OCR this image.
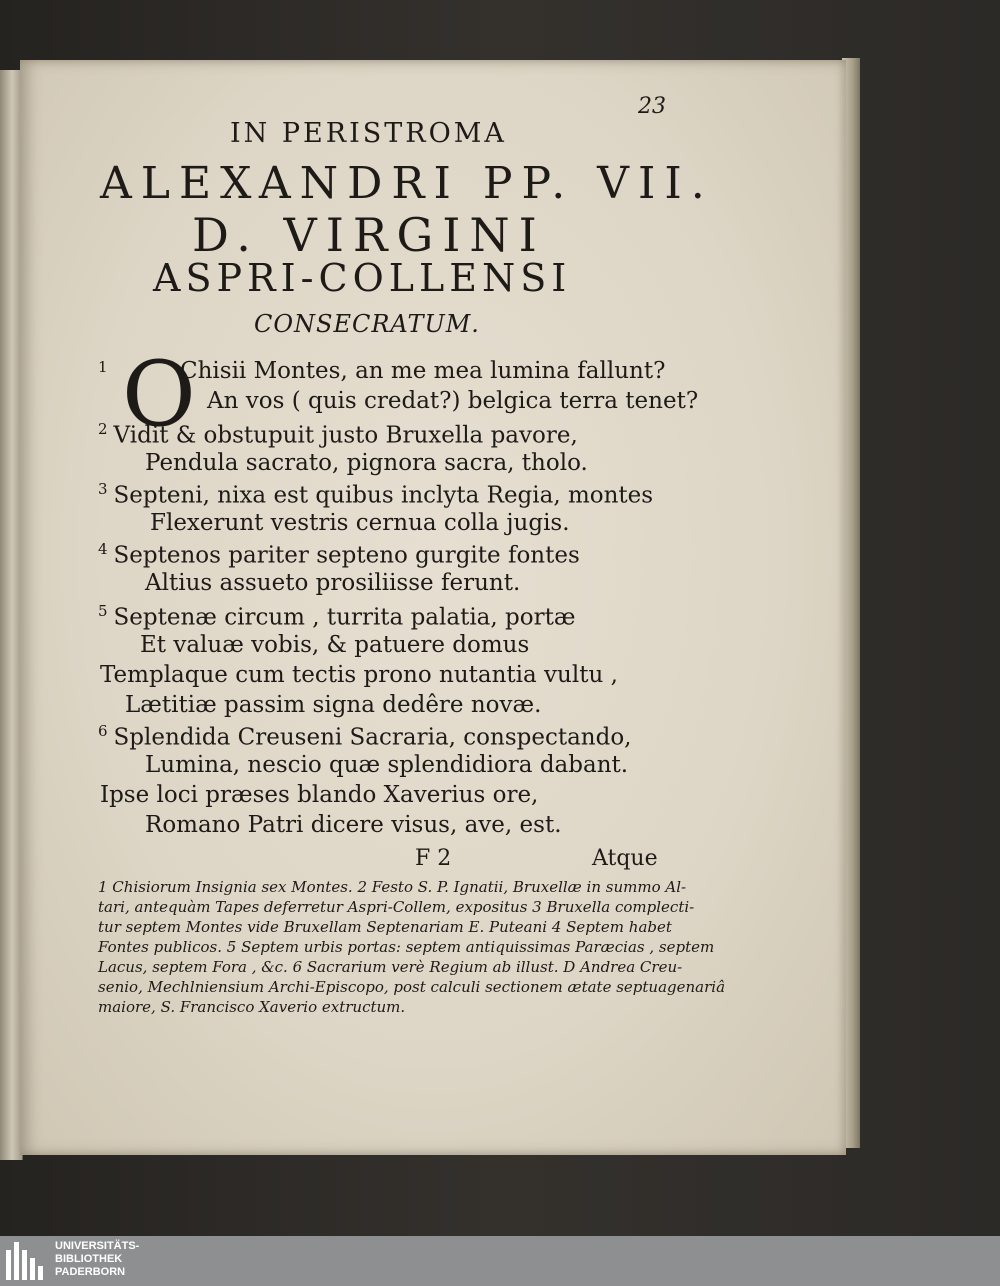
23
IN PERISTROMA
ALEXANDRI PP. VII.
D. VIRGINI
ASPRI-COLLENSI
CONSECRATUM.
O
$^1$	Chisii Montes, an me mea lumina fallunt?
An vos ( quis credat?) belgica terra tenet?
$^2$ Vidit & obstupuit justo Bruxella pavore,
Pendula sacrato, pignora sacra, tholo.
$^3$ Septeni, nixa est quibus inclyta Regia, montes
Flexerunt vestris cernua colla jugis.
$^4$ Septenos pariter septeno gurgite fontes
Altius assueto prosiliisse ferunt.
$^5$ Septenæ circum , turrita palatia, portæ
Et valuæ vobis, & patuere domus
Templaque cum tectis prono nutantia vultu ,
Lætitiæ passim signa dedêre novæ.
$^6$ Splendida Creuseni Sacraria, conspectando,
Lumina, nescio quæ splendidiora dabant.
Ipse loci præses blando Xaverius ore,
Romano Patri dicere visus, ave, est.
F 2	Atque
1 Chisiorum Insignia sex Montes. 2 Festo S. P. Ignatii, Bruxellæ in summo Al-
tari, antequàm Tapes deferretur Aspri-Collem, expositus 3 Bruxella complecti-
tur septem Montes vide Bruxellam Septenariam E. Puteani 4 Septem habet
Fontes publicos. 5 Septem urbis portas: septem antiquissimas Paræcias , septem
Lacus, septem Fora , &c. 6 Sacrarium verè Regium ab illust. D Andrea Creu-
senio, Mechlniensium Archi-Episcopo, post calculi sectionem ætate septuagenariâ
maiore, S. Francisco Xaverio extructum.
UNIVERSITÄTS-
BIBLIOTHEK
PADERBORN
